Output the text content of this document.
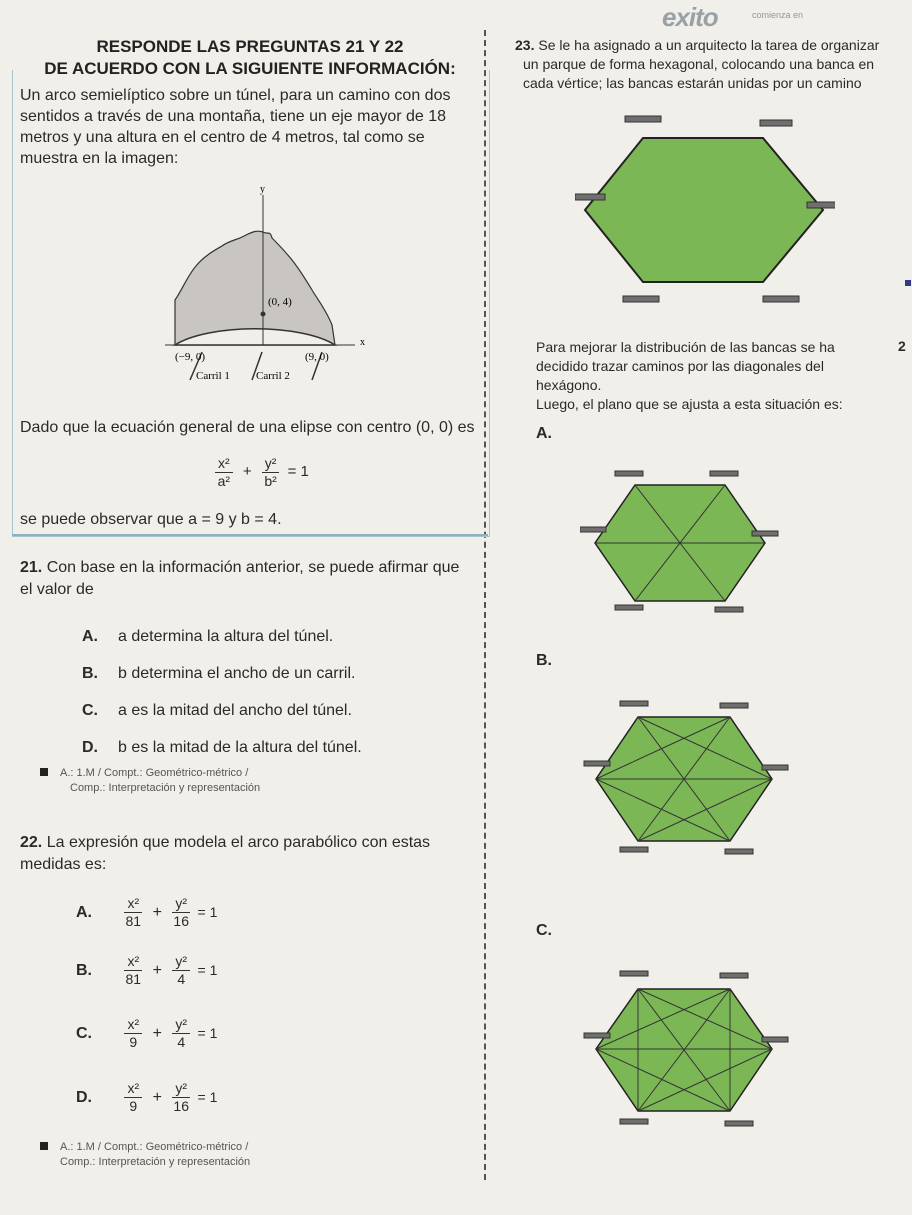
exito	comienza en
RESPONDE LAS PREGUNTAS 21 Y 22
DE ACUERDO CON LA SIGUIENTE INFORMACIÓN:
Un arco semielíptico sobre un túnel, para un camino con dos sentidos a través de una montaña, tiene un eje mayor de 18 metros y una altura en el centro de 4 metros, tal como se muestra en la imagen:
y
x
(0, 4)
(−9, 0)	(9, 0)
Carril 1 Carril 2
Dado que la ecuación general de una elipse con centro (0, 0) es
$\frac{\text{x²}}{\text{a²}} + \frac{\text{y²}}{\text{b²}} = 1$
se puede observar que a = 9 y b = 4.
21. Con base en la información anterior, se puede afirmar que el valor de
A. a determina la altura del túnel.
B. b determina el ancho de un carril.
C. a es la mitad del ancho del túnel.
D. b es la mitad de la altura del túnel.
A.: 1.M / Compt.: Geométrico-métrico /
Comp.: Interpretación y representación
22. La expresión que modela el arco parabólico con estas medidas es:
A. $\frac{\text{x²}}{81} + \frac{\text{y²}}{16} = 1$
B. $\frac{\text{x²}}{81} + \frac{\text{y²}}{4} = 1$
C. $\frac{\text{x²}}{9} + \frac{\text{y²}}{4} = 1$
D. $\frac{\text{x²}}{9} + \frac{\text{y²}}{16} = 1$
A.: 1.M / Compt.: Geométrico-métrico /
Comp.: Interpretación y representación
23. Se le ha asignado a un arquitecto la tarea de organizar
un parque de forma hexagonal, colocando una banca en
cada vértice; las bancas estarán unidas por un camino
Para mejorar la distribución de las bancas se ha decidido trazar caminos por las diagonales del hexágono.
Luego, el plano que se ajusta a esta situación es:
2
A.
B.
C.
